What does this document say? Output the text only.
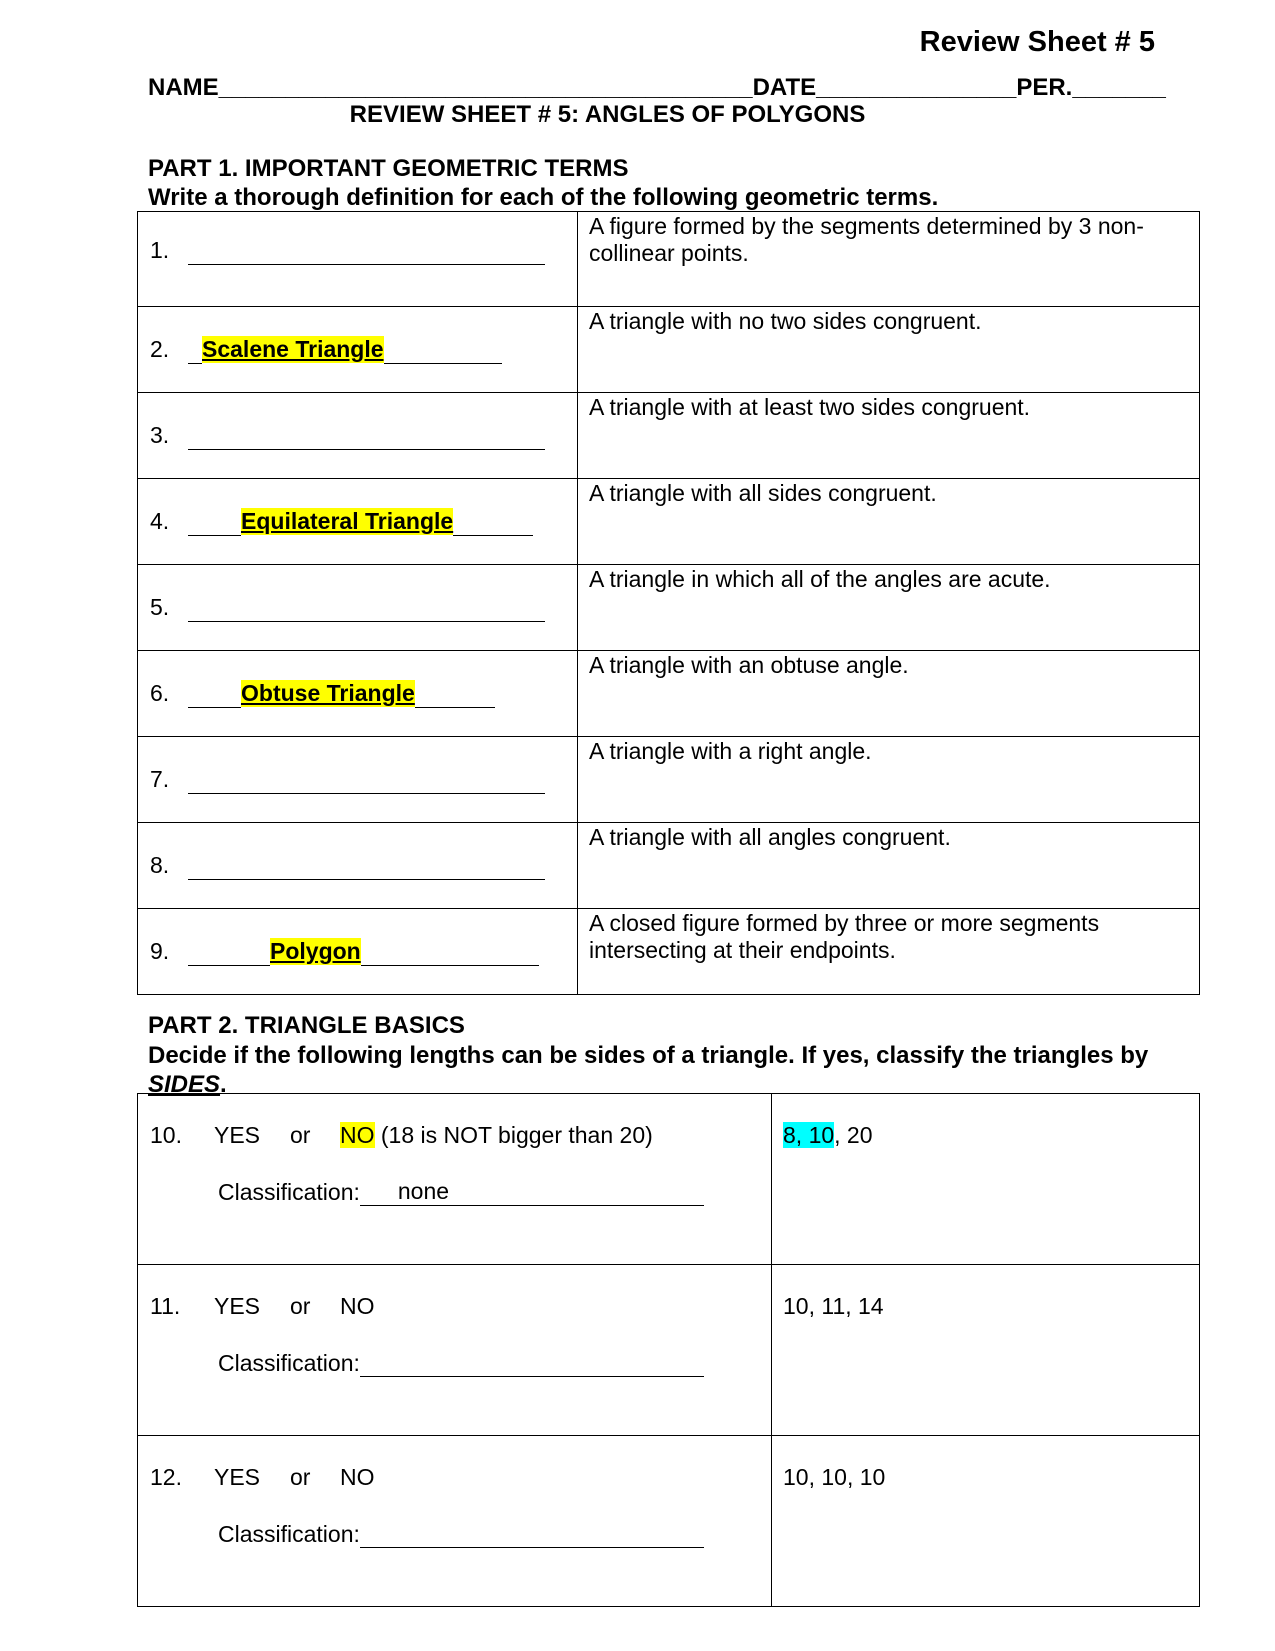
Review Sheet # 5
NAME________________________________________DATE_______________PER._______
REVIEW SHEET # 5: ANGLES OF POLYGONS
PART 1. IMPORTANT GEOMETRIC TERMS
Write a thorough definition for each of the following geometric terms.
1.	A figure formed by the segments determined by 3 non-collinear points.

2. Scalene Triangle	A triangle with no two sides congruent.

3.	A triangle with at least two sides congruent.

4. Equilateral Triangle	A triangle with all sides congruent.

5.	A triangle in which all of the angles are acute.

6. Obtuse Triangle	A triangle with an obtuse angle.

7.	A triangle with a right angle.

8.	A triangle with all angles congruent.

9. Polygon	A closed figure formed by three or more segments intersecting at their endpoints.
PART 2. TRIANGLE BASICS
Decide if the following lengths can be sides of a triangle. If yes, classify the triangles by SIDES.
10. YES or NO (18 is NOT bigger than 20)
Classification: none	8, 10, 20

11. YES or NO
Classification:	10, 11, 14

12. YES or NO
Classification:	10, 10, 10
